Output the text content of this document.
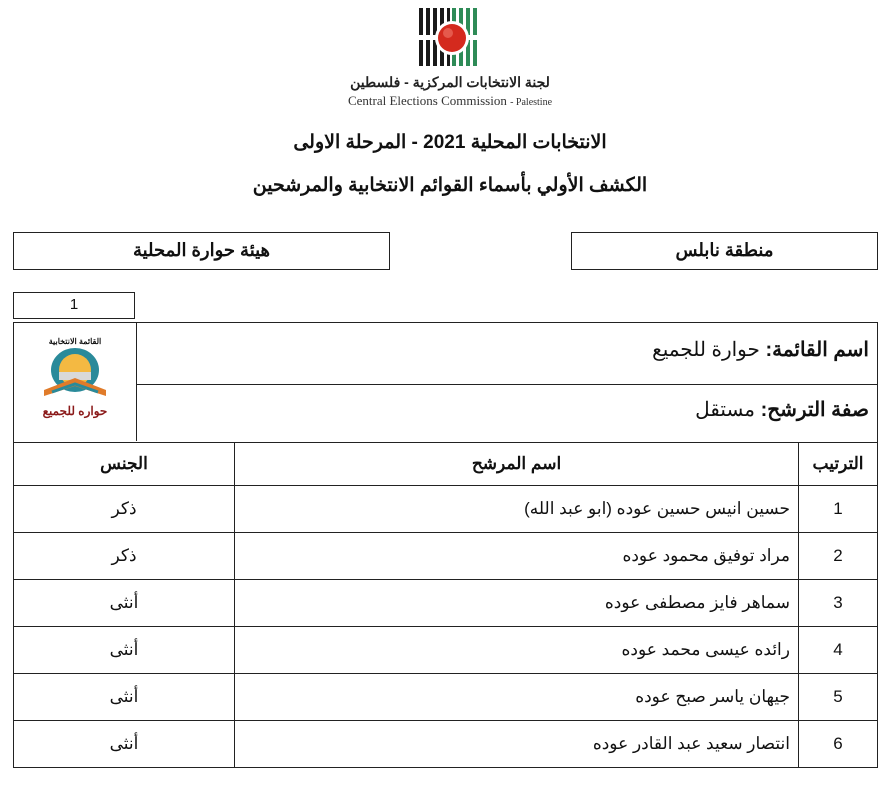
لجنة الانتخابات المركزية - فلسطين
Central Elections Commission - Palestine
الانتخابات المحلية 2021 - المرحلة الاولى
الكشف الأولي بأسماء القوائم الانتخابية والمرشحين
هيئة حوارة المحلية	منطقة نابلس
1
القائمة الانتخابية
حواره للجميع
اسم القائمة: حوارة للجميع
صفة الترشح: مستقل
الترتيب	اسم المرشح	الجنس
1	حسين انيس حسين عوده (ابو عبد الله)	ذكر
2	مراد توفيق محمود عوده	ذكر
3	سماهر فايز مصطفى عوده	أنثى
4	رائده عيسى محمد عوده	أنثى
5	جيهان ياسر صبح عوده	أنثى
6	انتصار سعيد عبد القادر عوده	أنثى
